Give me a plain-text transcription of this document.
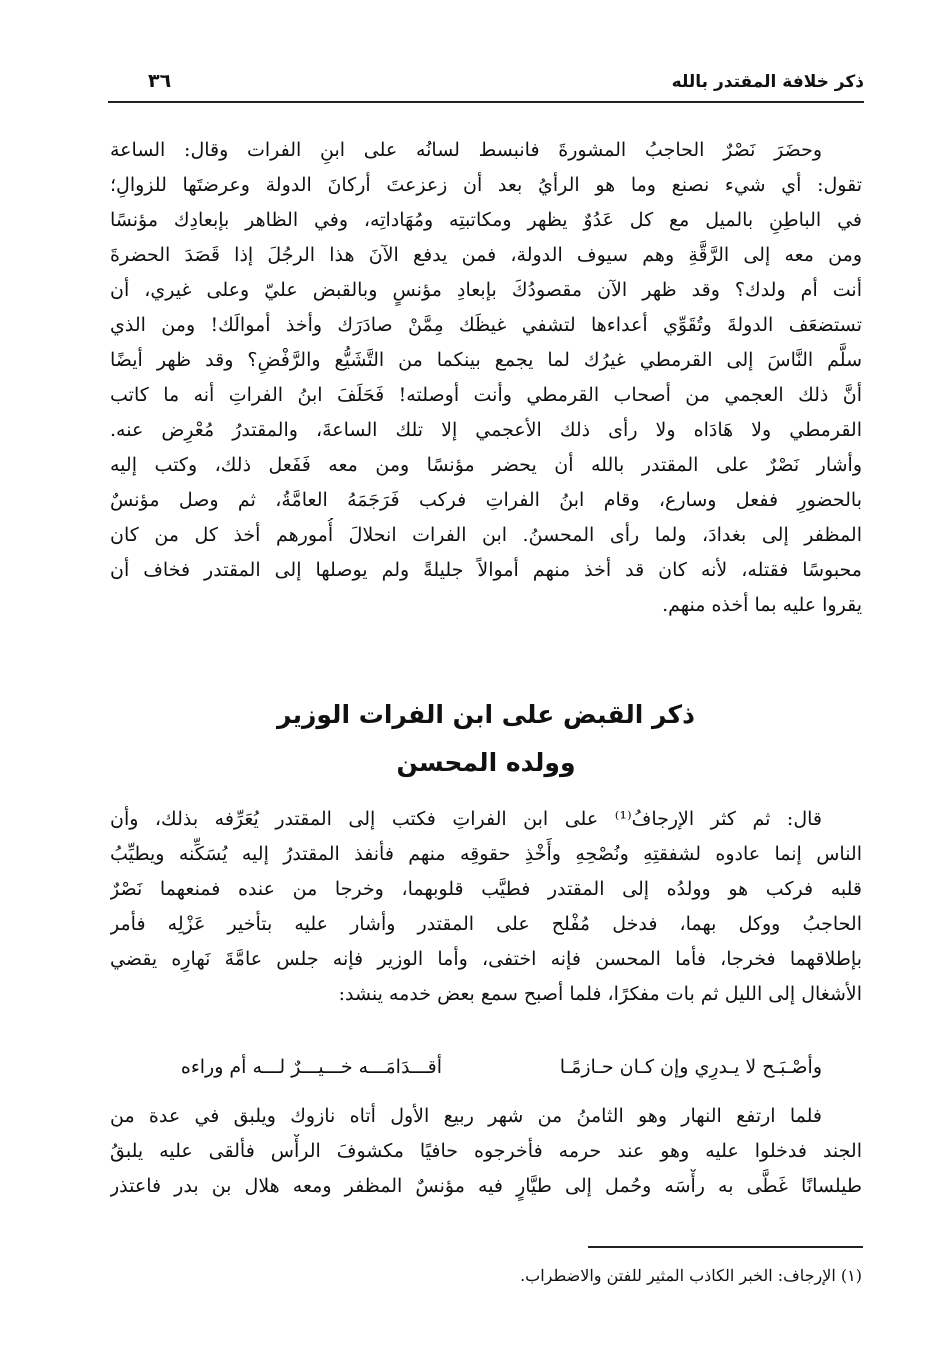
ذكر خلافة المقتدر بالله
٣٦
وحضَرَ نَصْرٌ الحاجبُ المشورةَ فانبسط لسانُه على ابنِ الفرات وقال: الساعة
تقول: أي شيء نصنع وما هو الرأيُ بعد أن زعزعتَ أركانَ الدولة وعرضتَها للزوالِ؛
في الباطِنِ بالميل مع كل عَدُوٌ يظهر ومكاتبتِه ومُهَاداتِه، وفي الظاهر بإبعادِك مؤنسًا
ومن معه إلى الرَّقَّةِ وهم سيوف الدولة، فمن يدفع الآنَ هذا الرجُلَ إذا قَصَدَ الحضرةَ
أنت أم ولدك؟ وقد ظهر الآن مقصودُكَ بإبعادِ مؤنسٍ وبالقبض عليّ وعلى غيري، أن
تستضعَف الدولةَ وتُقَوِّي أعداءها لتشفي غيظَك مِمَّنْ صادَرَك وأخذ أموالَك! ومن الذي
سلَّم النَّاسَ إلى القرمطي غيرُك لما يجمع بينكما من التَّشَيُّع والرَّفْضِ؟ وقد ظهر أيضًا
أنَّ ذلك العجمي من أصحاب القرمطي وأنت أوصلته! فَحَلَفَ ابنُ الفراتِ أنه ما كاتب
القرمطي ولا هَادَاه ولا رأى ذلك الأعجمي إلا تلك الساعةَ، والمقتدرُ مُعْرِض عنه.
وأشار نَصْرٌ على المقتدر بالله أن يحضر مؤنسًا ومن معه فَفَعل ذلك، وكتب إليه
بالحضورِ ففعل وسارع، وقام ابنُ الفراتِ فركب فَرَجَمَهُ العامَّةُ، ثم وصل مؤنسٌ
المظفر إلى بغدادَ، ولما رأى المحسنُ. ابن الفرات انحلالَ أُمورهم أخذ كل من كان
محبوسًا فقتله، لأنه كان قد أخذ منهم أموالاً جليلةً ولم يوصلها إلى المقتدر فخاف أن
يقروا عليه بما أخذه منهم.
ذكر القبض على ابن الفرات الوزير
وولده المحسن
قال: ثم كثر الإرجافُ⁽¹⁾ على ابن الفراتِ فكتب إلى المقتدر يُعَرِّفه بذلك، وأن
الناس إنما عادوه لشفقتِهِ ونُصْحِهِ وأَخْذِ حقوقِه منهم فأنفذ المقتدرُ إليه يُسَكِّنه ويطيِّبُ
قلبه فركب هو وولدُه إلى المقتدر فطيَّب قلوبهما، وخرجا من عنده فمنعهما نَصْرٌ
الحاجبُ ووكل بهما، فدخل مُفْلح على المقتدر وأشار عليه بتأخير عَزْلِه فأمر
بإطلاقهما فخرجا، فأما المحسن فإنه اختفى، وأما الوزير فإنه جلس عامَّةَ نَهارِه يقضي
الأشغال إلى الليل ثم بات مفكرًا، فلما أصبح سمع بعض خدمه ينشد:
وأصْـبَـح لا يـدرِي وإن كـان حـازمًـا
أقـــدَامَـــه خـــيـــرٌ لـــه أم وراءه
فلما ارتفع النهار وهو الثامنُ من شهر ربيع الأول أتاه نازوك ويلبق في عدة من
الجند فدخلوا عليه وهو عند حرمه فأخرجوه حافيًا مكشوفَ الرأْس فألقى عليه يلبقُ
طيلسانًا غَطَّى به رأْسَه وحُمل إلى طيَّارٍ فيه مؤنسٌ المظفر ومعه هلال بن بدر فاعتذر
(١) الإرجاف: الخبر الكاذب المثير للفتن والاضطراب.
